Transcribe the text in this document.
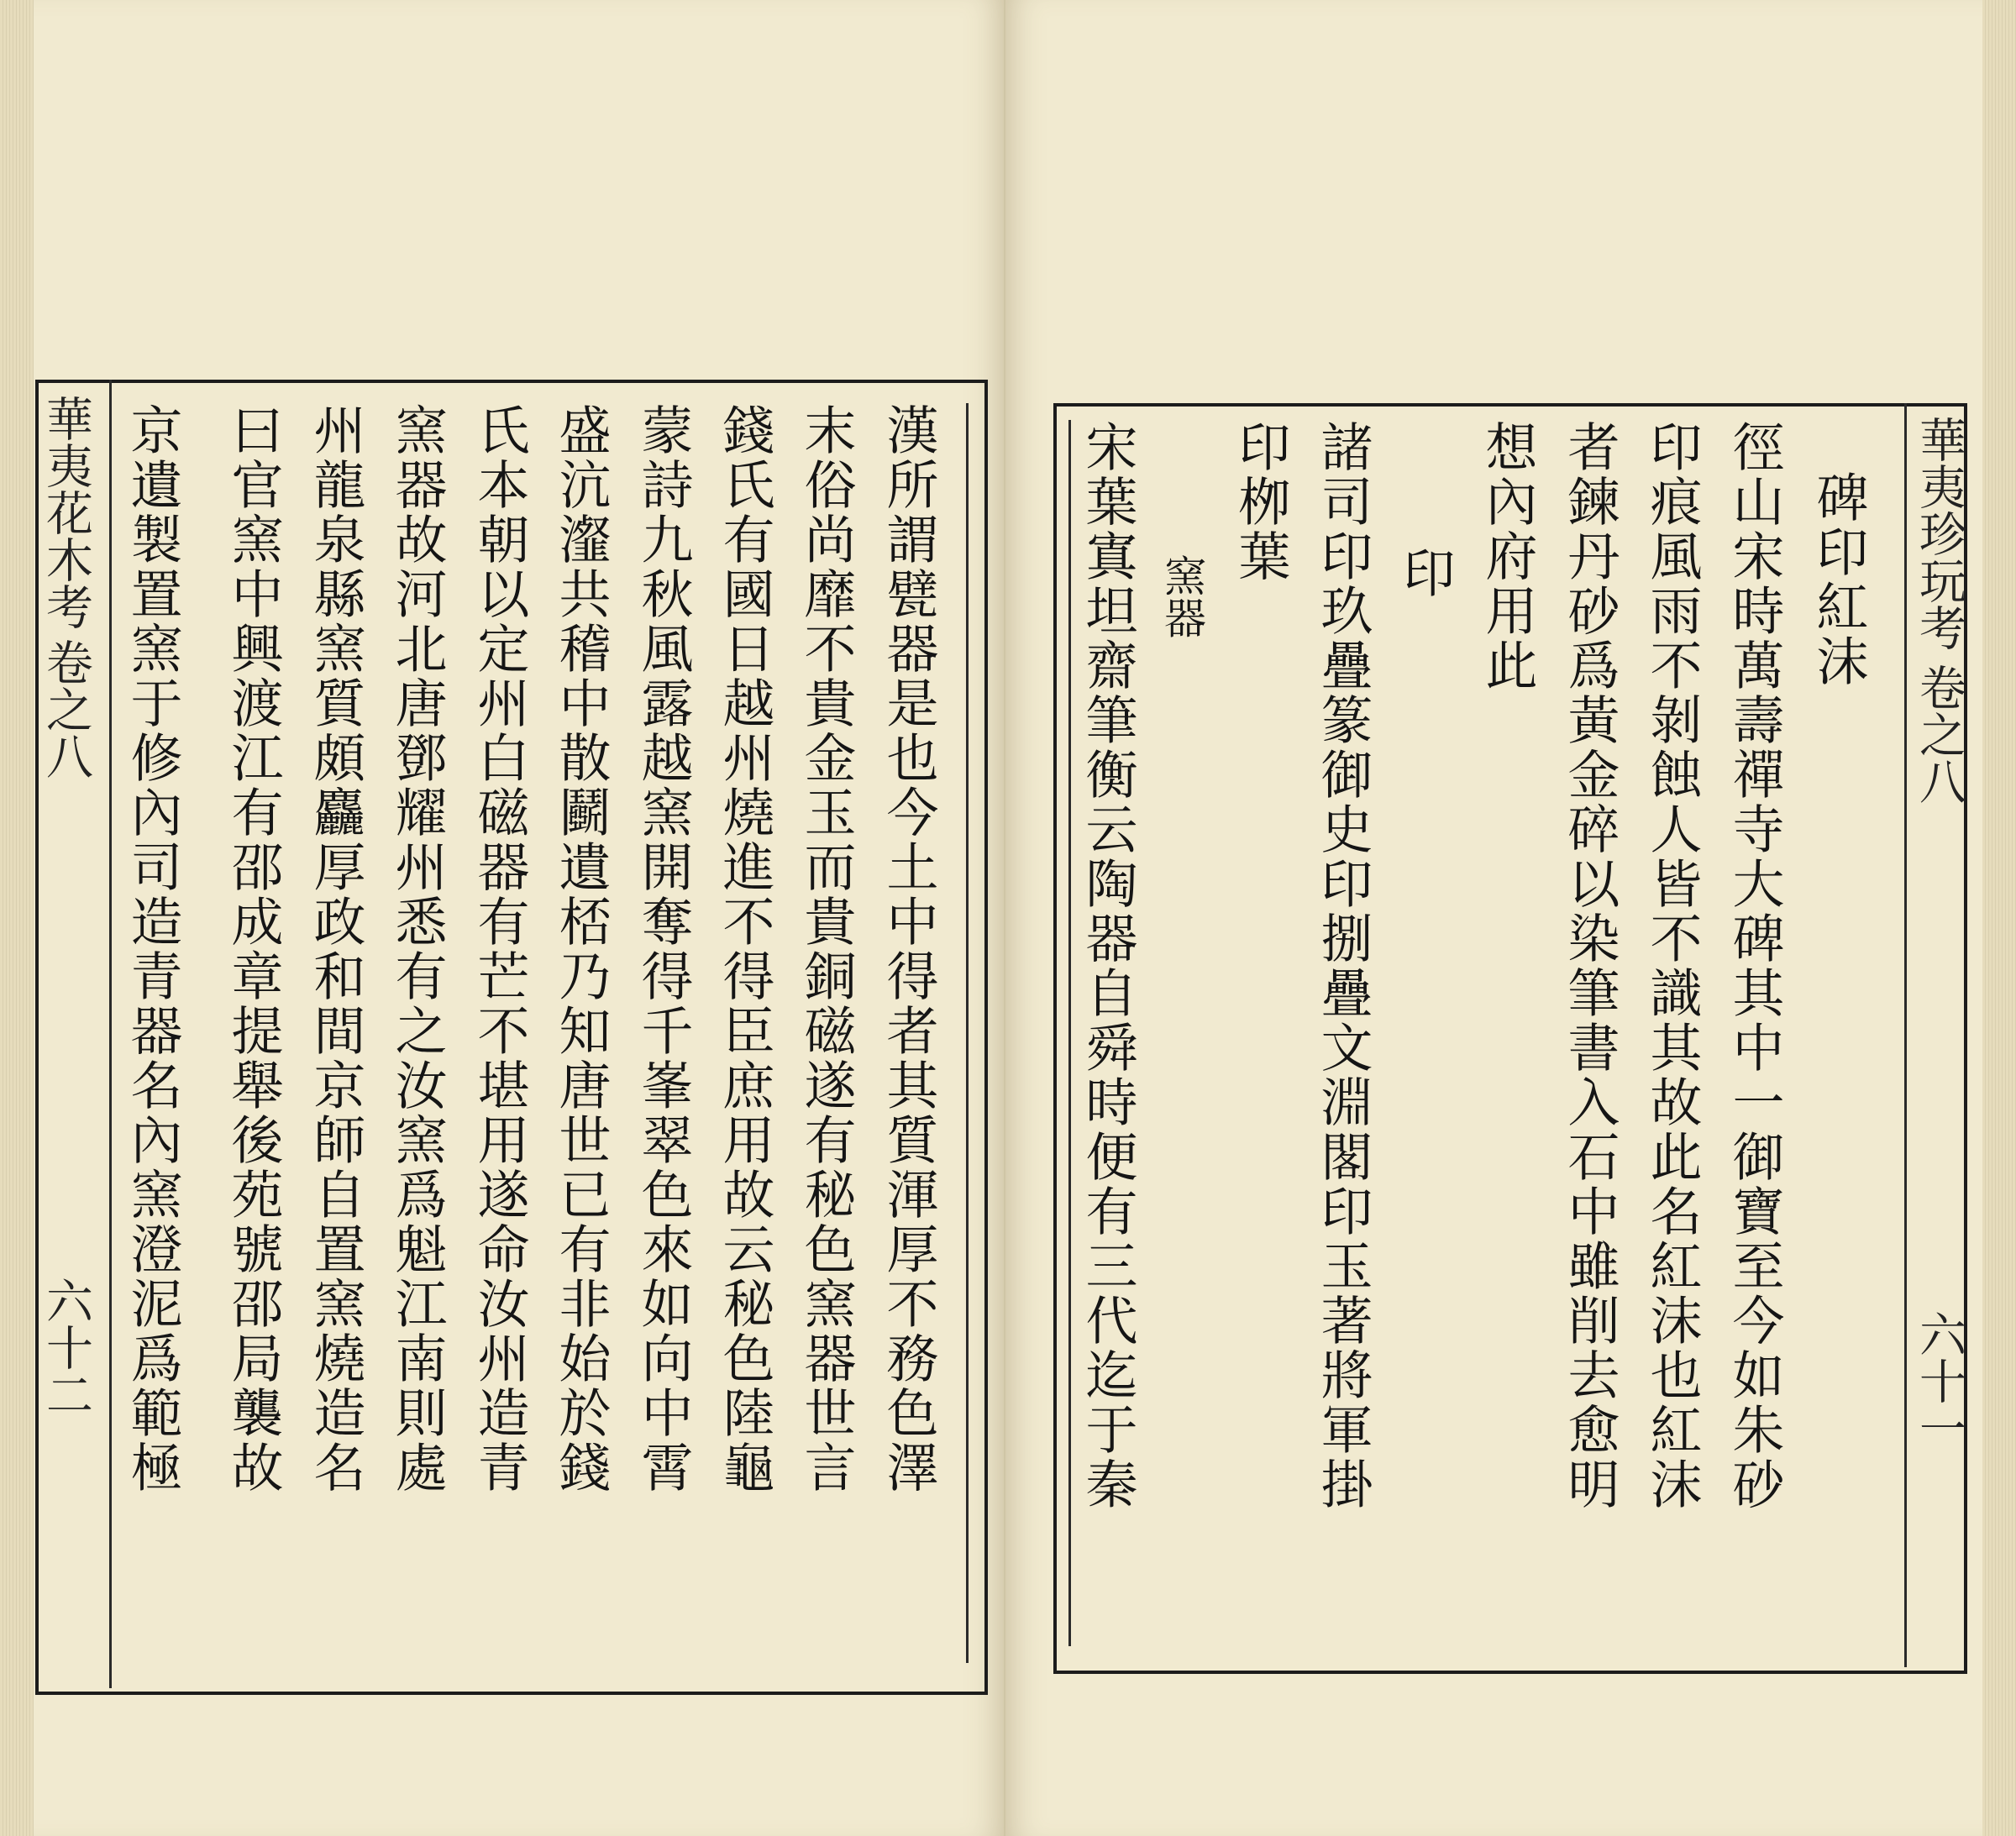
華夷花木考
卷之八
六十二	漢所謂甓器是也今土中得者其質渾厚不務色澤
末俗尚靡不貴金玉而貴銅磁遂有秘色窯器世言
錢氏有國日越州燒進不得臣庶用故云秘色陸龜
蒙詩九秋風露越窯開奪得千峯翠色來如向中霄
盛沆瀣共稽中散鬬遺桮乃知唐世已有非始於錢
氏本朝以定州白磁器有芒不堪用遂命汝州造青
窯器故河北唐鄧耀州悉有之汝窯爲魁江南則處
州龍泉縣窯質頗麤厚政和間京師自置窯燒造名
曰官窯中興渡江有邵成章提舉後苑號邵局襲故
京遺製置窯于修內司造青器名內窯澄泥爲範極	華夷珍玩考
卷之八
六十一
碑印紅沫
徑山宋時萬壽禪寺大碑其中一御寶至今如朱砂
印痕風雨不剝蝕人皆不識其故此名紅沫也紅沫
者鍊丹砂爲黃金碎以染筆書入石中雖削去愈明
想內府用此
印
諸司印玖疊篆御史印捌疊文淵閣印玉著將軍掛
印栁葉
窯器
宋葉寘坦齋筆衡云陶器自舜時便有三代迄于秦
